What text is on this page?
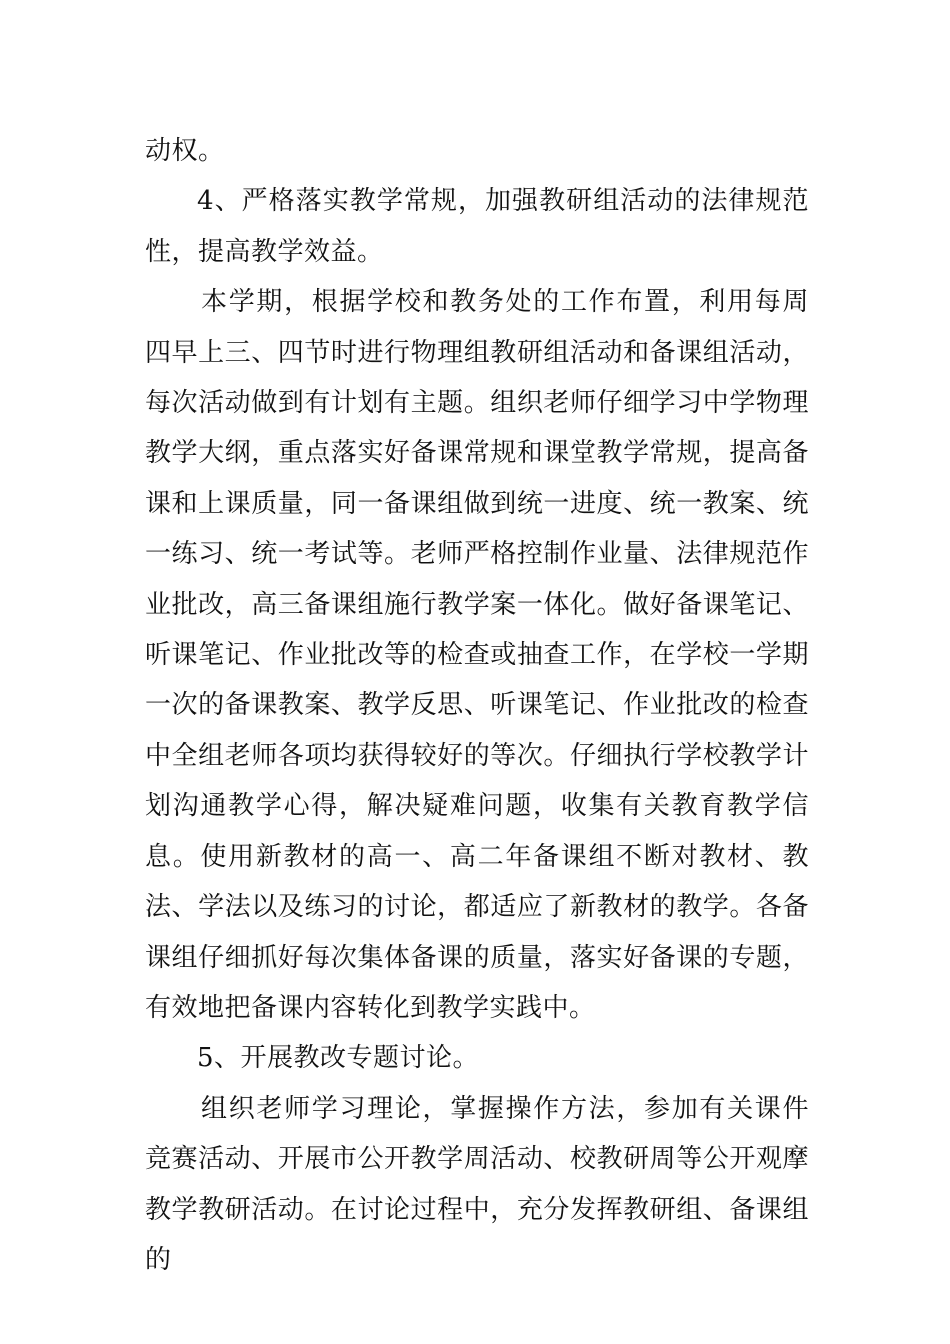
动权。

4、严格落实教学常规，加强教研组活动的法律规范性，提高教学效益。

本学期，根据学校和教务处的工作布置，利用每周四早上三、四节时进行物理组教研组活动和备课组活动，每次活动做到有计划有主题。组织老师仔细学习中学物理教学大纲，重点落实好备课常规和课堂教学常规，提高备课和上课质量，同一备课组做到统一进度、统一教案、统一练习、统一考试等。老师严格控制作业量、法律规范作业批改，高三备课组施行教学案一体化。做好备课笔记、听课笔记、作业批改等的检查或抽查工作，在学校一学期一次的备课教案、教学反思、听课笔记、作业批改的检查中全组老师各项均获得较好的等次。仔细执行学校教学计划沟通教学心得，解决疑难问题，收集有关教育教学信息。使用新教材的高一、高二年备课组不断对教材、教法、学法以及练习的讨论，都适应了新教材的教学。各备课组仔细抓好每次集体备课的质量，落实好备课的专题，有效地把备课内容转化到教学实践中。

5、开展教改专题讨论。

组织老师学习理论，掌握操作方法，参加有关课件竞赛活动、开展市公开教学周活动、校教研周等公开观摩教学教研活动。在讨论过程中，充分发挥教研组、备课组的
